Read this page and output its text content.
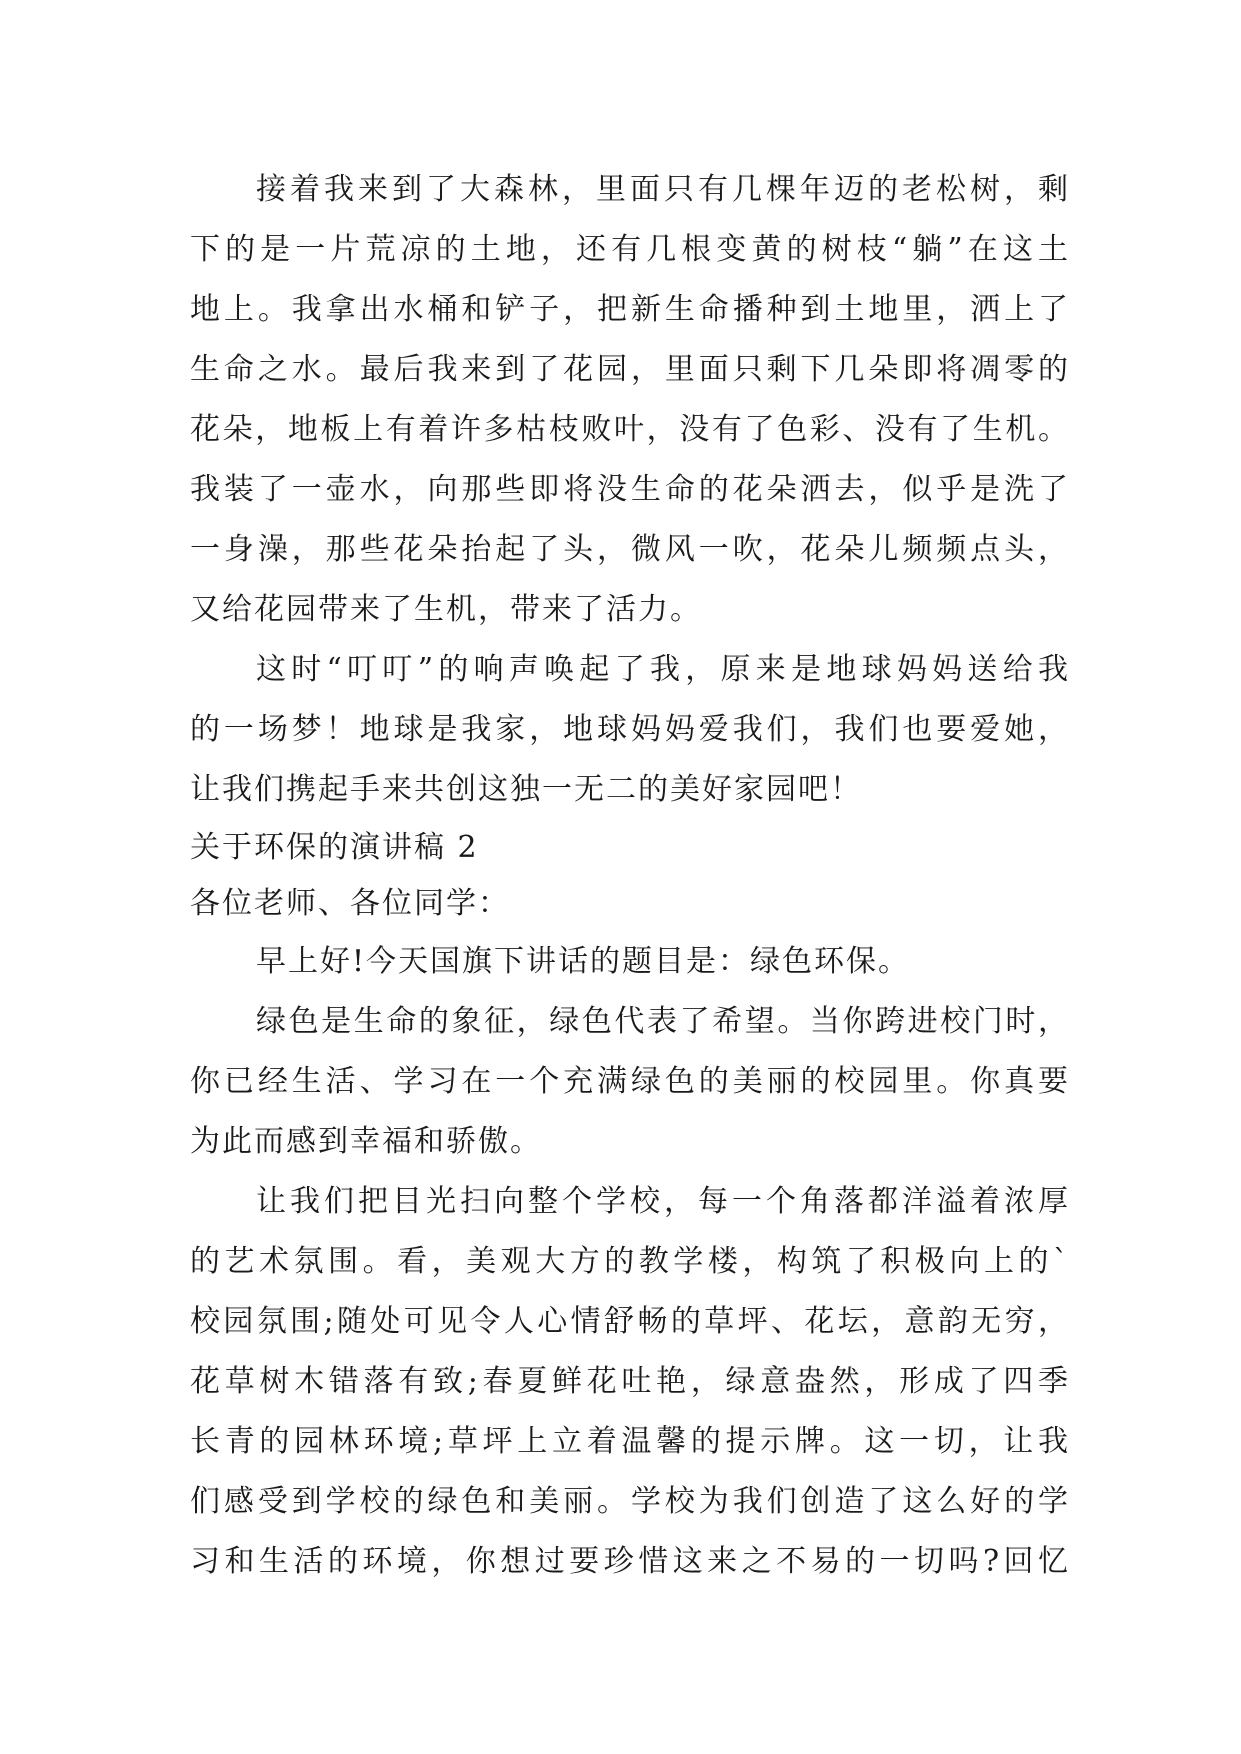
接着我来到了大森林，里面只有几棵年迈的老松树，剩
下的是一片荒凉的土地，还有几根变黄的树枝“躺”在这土
地上。我拿出水桶和铲子，把新生命播种到土地里，洒上了
生命之水。最后我来到了花园，里面只剩下几朵即将凋零的
花朵，地板上有着许多枯枝败叶，没有了色彩、没有了生机。
我装了一壶水，向那些即将没生命的花朵洒去，似乎是洗了
一身澡，那些花朵抬起了头，微风一吹，花朵儿频频点头，
又给花园带来了生机，带来了活力。
这时“叮叮”的响声唤起了我，原来是地球妈妈送给我
的一场梦！地球是我家，地球妈妈爱我们，我们也要爱她，
让我们携起手来共创这独一无二的美好家园吧！
关于环保的演讲稿 2
各位老师、各位同学：
早上好!今天国旗下讲话的题目是：绿色环保。
绿色是生命的象征，绿色代表了希望。当你跨进校门时，
你已经生活、学习在一个充满绿色的美丽的校园里。你真要
为此而感到幸福和骄傲。
让我们把目光扫向整个学校，每一个角落都洋溢着浓厚
的艺术氛围。看，美观大方的教学楼，构筑了积极向上的`
校园氛围;随处可见令人心情舒畅的草坪、花坛，意韵无穷，
花草树木错落有致;春夏鲜花吐艳，绿意盎然，形成了四季
长青的园林环境;草坪上立着温馨的提示牌。这一切，让我
们感受到学校的绿色和美丽。学校为我们创造了这么好的学
习和生活的环境，你想过要珍惜这来之不易的一切吗?回忆
